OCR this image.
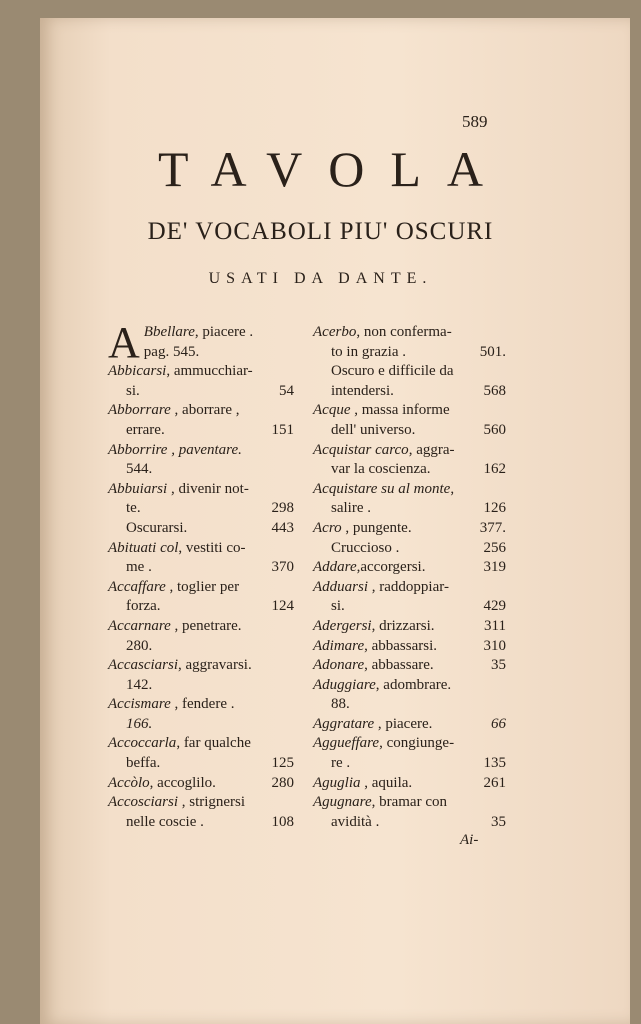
589
TAVOLA
DE' VOCABOLI PIU' OSCURI
USATI DA DANTE.
A Bbellare, piacere .
pag. 545.
Abbicarsi, ammucchiar-
si.	54
Abborrare , aborrare ,
errare.	151
Abborrire , paventare.
544.
Abbuiarsi , divenir not-
te.	298
Oscurarsi.	443
Abituati col, vestiti co-
me .	370
Accaffare , toglier per
forza.	124
Accarnare , penetrare.
280.
Accasciarsi, aggravarsi.
142.
Accismare , fendere .
166.
Accoccarla, far qualche
beffa.	125
Accòlo, accoglilo.	280
Accosciarsi , strignersi
nelle coscie .	108
Acerbo, non conferma-
to in grazia .	501.
Oscuro e difficile da
intendersi.	568
Acque , massa informe
dell' universo.	560
Acquistar carco, aggra-
var la coscienza.	162
Acquistare su al monte,
salire .	126
Acro , pungente.	377.
Crucciosο .	256
Addare,accorgersi.	319
Adduarsi , raddoppiar-
si.	429
Adergersi, drizzarsi.	311
Adimare, abbassarsi.	310
Adonare, abbassare.	35
Aduggiare, adombrare.
88.
Aggratare , piacere.	66
Aggueffare, congiunge-
re .	135
Aguglia , aquila.	261
Agugnare, bramar con
avidità .	35
Ai-
